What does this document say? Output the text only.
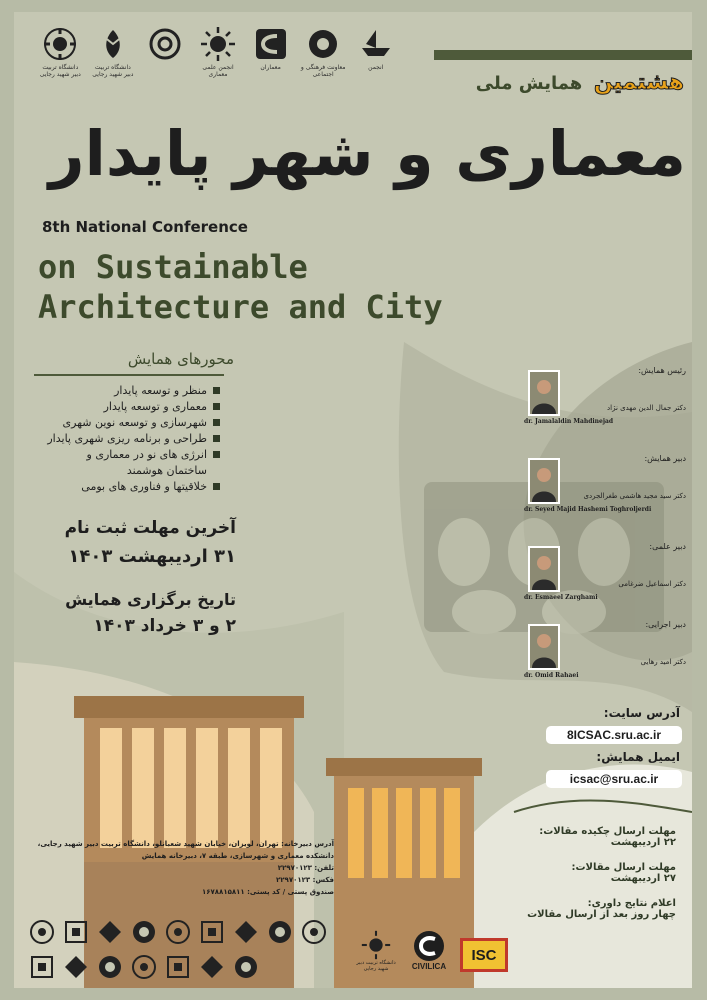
دانشگاه تربیت دبیر شهید رجایی
دانشگاه تربیت دبیر شهید رجایی
انجمن علمی معماری
معماران	معاونت فرهنگی و اجتماعی
انجمن
هشتمین همایش ملی
معماری و شهر پایدار
8th National Conference
on Sustainable
Architecture and City
محورهای همایش
منظر و توسعه پایدار
معماری و توسعه پایدار
شهرسازی و توسعه نوین شهری
طراحی و برنامه ریزی شهری پایدار
انرژی های نو در معماری و
ساختمان هوشمند
خلاقیتها و فناوری های بومی
آخرین مهلت ثبت نام
۳۱ اردیبهشت ۱۴۰۳
تاریخ برگزاری همایش
۲ و ۳ خرداد ۱۴۰۳
رئیس همایش:
دکتر جمال الدین مهدی نژاد
dr. Jamalaldin Mahdinejad
دبیر همایش:
دکتر سید مجید هاشمی طغرالجردی
dr. Seyed Majid Hashemi Toghroljerdi
دبیر علمی:
دکتر اسماعیل ضرغامی
dr. Esmaeel Zarghami
دبیر اجرایی:
دکتر امید رهایی
dr. Omid Rahaei
آدرس سایت:
8ICSAC.sru.ac.ir
ایمیل همایش:
icsac@sru.ac.ir
آدرس دبیرخانه: تهران، لویزان، خیابان شهید شعبانلو، دانشگاه تربیت دبیر شهید رجایی،
دانشکده معماری و شهرسازی، طبقه ۷، دبیرخانه همایش
تلفن: ۲۲۹۷۰۱۲۳
فکس: ۲۲۹۷۰۱۲۳
صندوق پستی / کد پستی: ۱۶۷۸۸۱۵۸۱۱
مهلت ارسال چکیده مقالات:
۲۲ اردیبهشت
مهلت ارسال مقالات:
۲۷ اردیبهشت
اعلام نتایج داوری:
چهار روز بعد از ارسال مقالات
دانشگاه تربیت دبیر شهید رجایی	CIVILICA
ISC
